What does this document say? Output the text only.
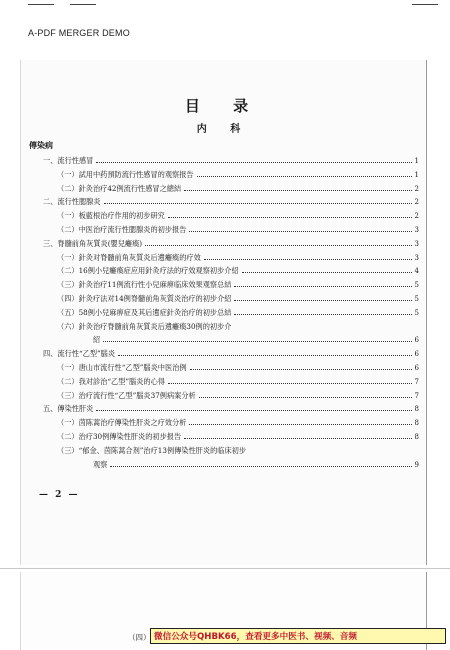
A-PDF MERGER DEMO
目 录
内 科
傳染病
一、 流行性感冒	1
（一） 試用中药預防流行性感冒的观察报告	1
（二） 針灸治疗42例流行性感冒之總結	2
二、 流行性腮腺炎	2
（一） 板藍根治疗作用的初步研究	2
（二） 中医治疗流行性腮腺炎的初步报告	3
三、 脊髓前角灰質炎(嬰兒癱瘓)	3
（一） 針灸对脊髓前角灰質炎后遺癱瘓的疗效	3
（二） 16例小兒癱瘓症应用針灸疗法的疗效观察初步介紹	4
（三） 針灸治疗11例流行性小兒麻痹临床效果观察总結	5
（四） 針灸疗法对14例脊髓前角灰質炎治疗的初步介紹	5
（五） 58例小兒麻痹症及其后遺症針灸治疗的初步总結	5
（六） 針灸治疗脊髓前角灰質炎后遺癱瘓30例的初步介
紹	6
四、 流行性“乙型”腦炎	6
（一） 唐山市流行性“乙型”腦炎中医治例	6
（二） 我对診治“乙型”腦炎的心得	7
（三） 治疗流行性“乙型”腦炎37例病案分析	7
五、 傳染性肝炎	8
（一） 茵陈蒿治疗傳染性肝炎之疗效分析	8
（二） 治疗30例傳染性肝炎的初步报告	8
（三） “郁金、茵陈蒿合剂”治疗13例傳染性肝炎的临床初步
观察	9
— 2 —
（四） 微信公众号QHBK66，查看更多中医书、视频、音频
